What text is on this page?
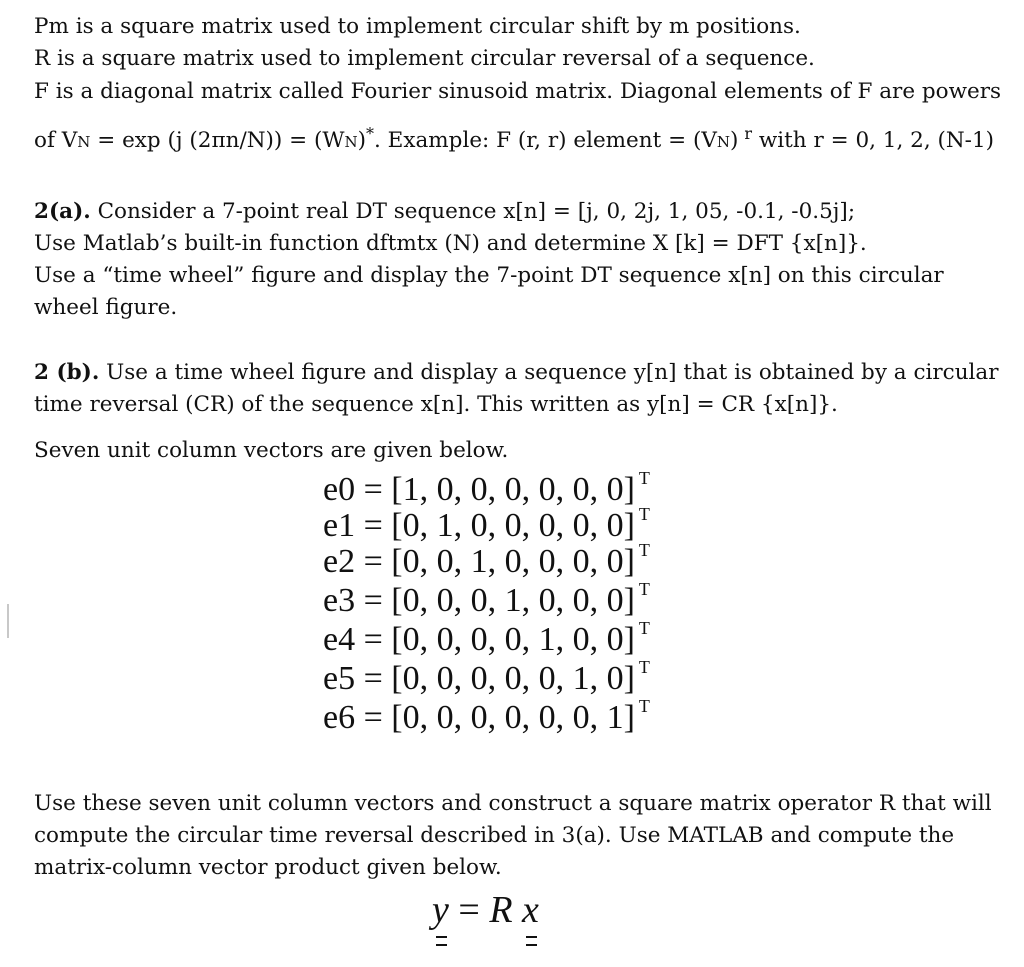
Pm is a square matrix used to implement circular shift by m positions.
R is a square matrix used to implement circular reversal of a sequence.
F is a diagonal matrix called Fourier sinusoid matrix. Diagonal elements of F are powers
of VN = exp (j (2πn/N)) = (WN)*. Example: F (r, r) element = (VN) $^r$ with r = 0, 1, 2, (N-1)
2(a). Consider a 7-point real DT sequence x[n] = [j, 0, 2j, 1, 05, -0.1, -0.5j];
Use Matlab’s built-in function dftmtx (N) and determine X [k] = DFT {x[n]}.
Use a “time wheel” figure and display the 7-point DT sequence x[n] on this circular
wheel figure.
2 (b). Use a time wheel figure and display a sequence y[n] that is obtained by a circular
time reversal (CR) of the sequence x[n]. This written as y[n] = CR {x[n]}.
Seven unit column vectors are given below.
e0 = [1, 0, 0, 0, 0, 0, 0] $^T$
e1 = [0, 1, 0, 0, 0, 0, 0] $^T$
e2 = [0, 0, 1, 0, 0, 0, 0] $^T$
e3 = [0, 0, 0, 1, 0, 0, 0] $^T$
e4 = [0, 0, 0, 0, 1, 0, 0] $^T$
e5 = [0, 0, 0, 0, 0, 1, 0] $^T$
e6 = [0, 0, 0, 0, 0, 0, 1] $^T$
Use these seven unit column vectors and construct a square matrix operator R that will
compute the circular time reversal described in 3(a). Use MATLAB and compute the
matrix-column vector product given below.
y = R x
